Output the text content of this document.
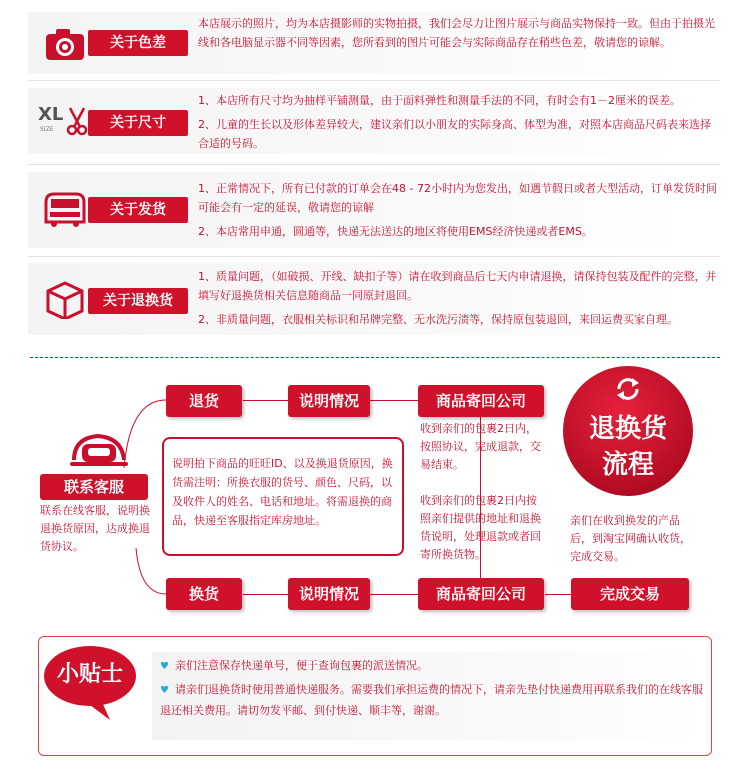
关于色差

本店展示的照片，均为本店摄影师的实物拍摄，我们会尽力让图片展示与商品实物保持一致。但由于拍摄光线和各电脑显示器不同等因素，您所看到的图片可能会与实际商品存在稍些色差，敬请您的谅解。

XL
SIZE	关于尺寸

1、本店所有尺寸均为抽样平铺测量，由于面料弹性和测量手法的不同，有时会有1－2厘米的误差。

2、儿童的生长以及形体差异较大，建议亲们以小朋友的实际身高、体型为准，对照本店商品尺码表来选择合适的号码。

关于发货

1、正常情况下，所有已付款的订单会在48 - 72小时内为您发出，如遇节假日或者大型活动，订单发货时间可能会有一定的延误，敬请您的谅解

2、本店常用申通，圆通等，快递无法送达的地区将使用EMS经济快递或者EMS。

关于退换货

1、质量问题，（如破损、开线、缺扣子等）请在收到商品后七天内申请退换，请保持包装及配件的完整，并填写好退换货相关信息随商品一同原封退回。

2、非质量问题，衣服相关标识和吊牌完整、无水洗污渍等，保持原包装退回，来回运费买家自理。

联系客服
联系在线客服，说明换退换货原因，达成换退货协议。
退货	说明情况	商品寄回公司
说明拍下商品的旺旺ID、以及换退货原因，换货需注明：所换衣服的货号、颜色、尺码，以及收件人的姓名、电话和地址。将需退换的商品，快递至客服指定库房地址。
收到亲们的包裹2日内，按照协议，完成退款，交易结束。
收到亲们的包裹2日内按照亲们提供的地址和退换货说明，处理退款或者回寄所换货物。
退换货
流程
亲们在收到换发的产品后，到淘宝网确认收货，完成交易。
换货	说明情况	商品寄回公司	完成交易
小贴士	♥ 亲们注意保存快递单号，便于查询包裹的派送情况。
♥ 请亲们退换货时使用普通快递服务。需要我们承担运费的情况下，请亲先垫付快递费用再联系我们的在线客服退还相关费用。请切勿发平邮、到付快递、顺丰等，谢谢。
